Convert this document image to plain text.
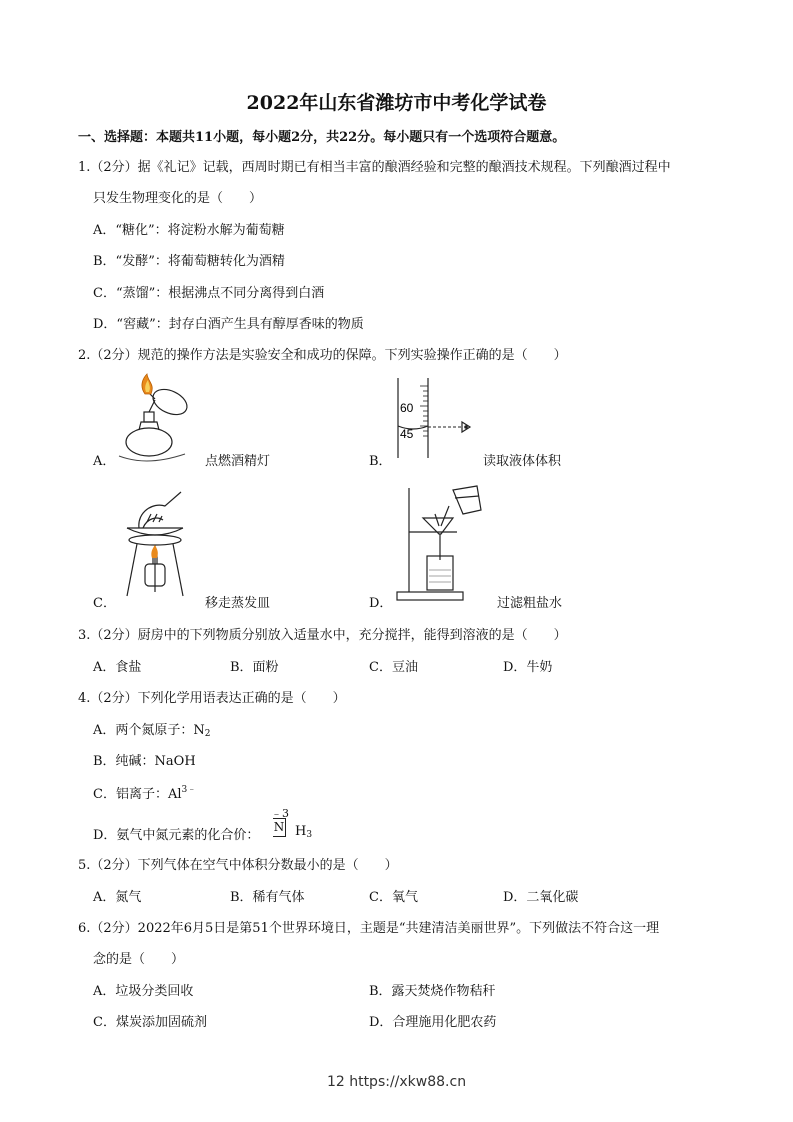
2022年山东省潍坊市中考化学试卷
一、选择题：本题共11小题，每小题2分，共22分。每小题只有一个选项符合题意。
1.（2分）据《礼记》记载，西周时期已有相当丰富的酿酒经验和完整的酿酒技术规程。下列酿酒过程中
只发生物理变化的是（　　）
A．“糖化”：将淀粉水解为葡萄糖
B．“发酵”：将葡萄糖转化为酒精
C．“蒸馏”：根据沸点不同分离得到白酒
D．“窖藏”：封存白酒产生具有醇厚香味的物质
2.（2分）规范的操作方法是实验安全和成功的保障。下列实验操作正确的是（　　）
A．	点燃酒精灯
60
45
B．	读取液体体积
C．	移走蒸发皿	D．	过滤粗盐水
3.（2分）厨房中的下列物质分别放入适量水中，充分搅拌，能得到溶液的是（　　）
A．食盐	B．面粉	C．豆油	D．牛奶
4.（2分）下列化学用语表达正确的是（　　）
A．两个氮原子：$N_2$
B．纯碱：NaOH
C．铝离子：$Al^{3﹣}$
D．氨气中氮元素的化合价：
﹣3
N $H_3$
5.（2分）下列气体在空气中体积分数最小的是（　　）
A．氮气	B．稀有气体	C．氧气	D．二氧化碳
6.（2分）2022年6月5日是第51个世界环境日，主题是“共建清洁美丽世界”。下列做法不符合这一理
念的是（　　）
A．垃圾分类回收	B．露天焚烧作物秸秆
C．煤炭添加固硫剂	D．合理施用化肥农药
12 https://xkw88.cn
